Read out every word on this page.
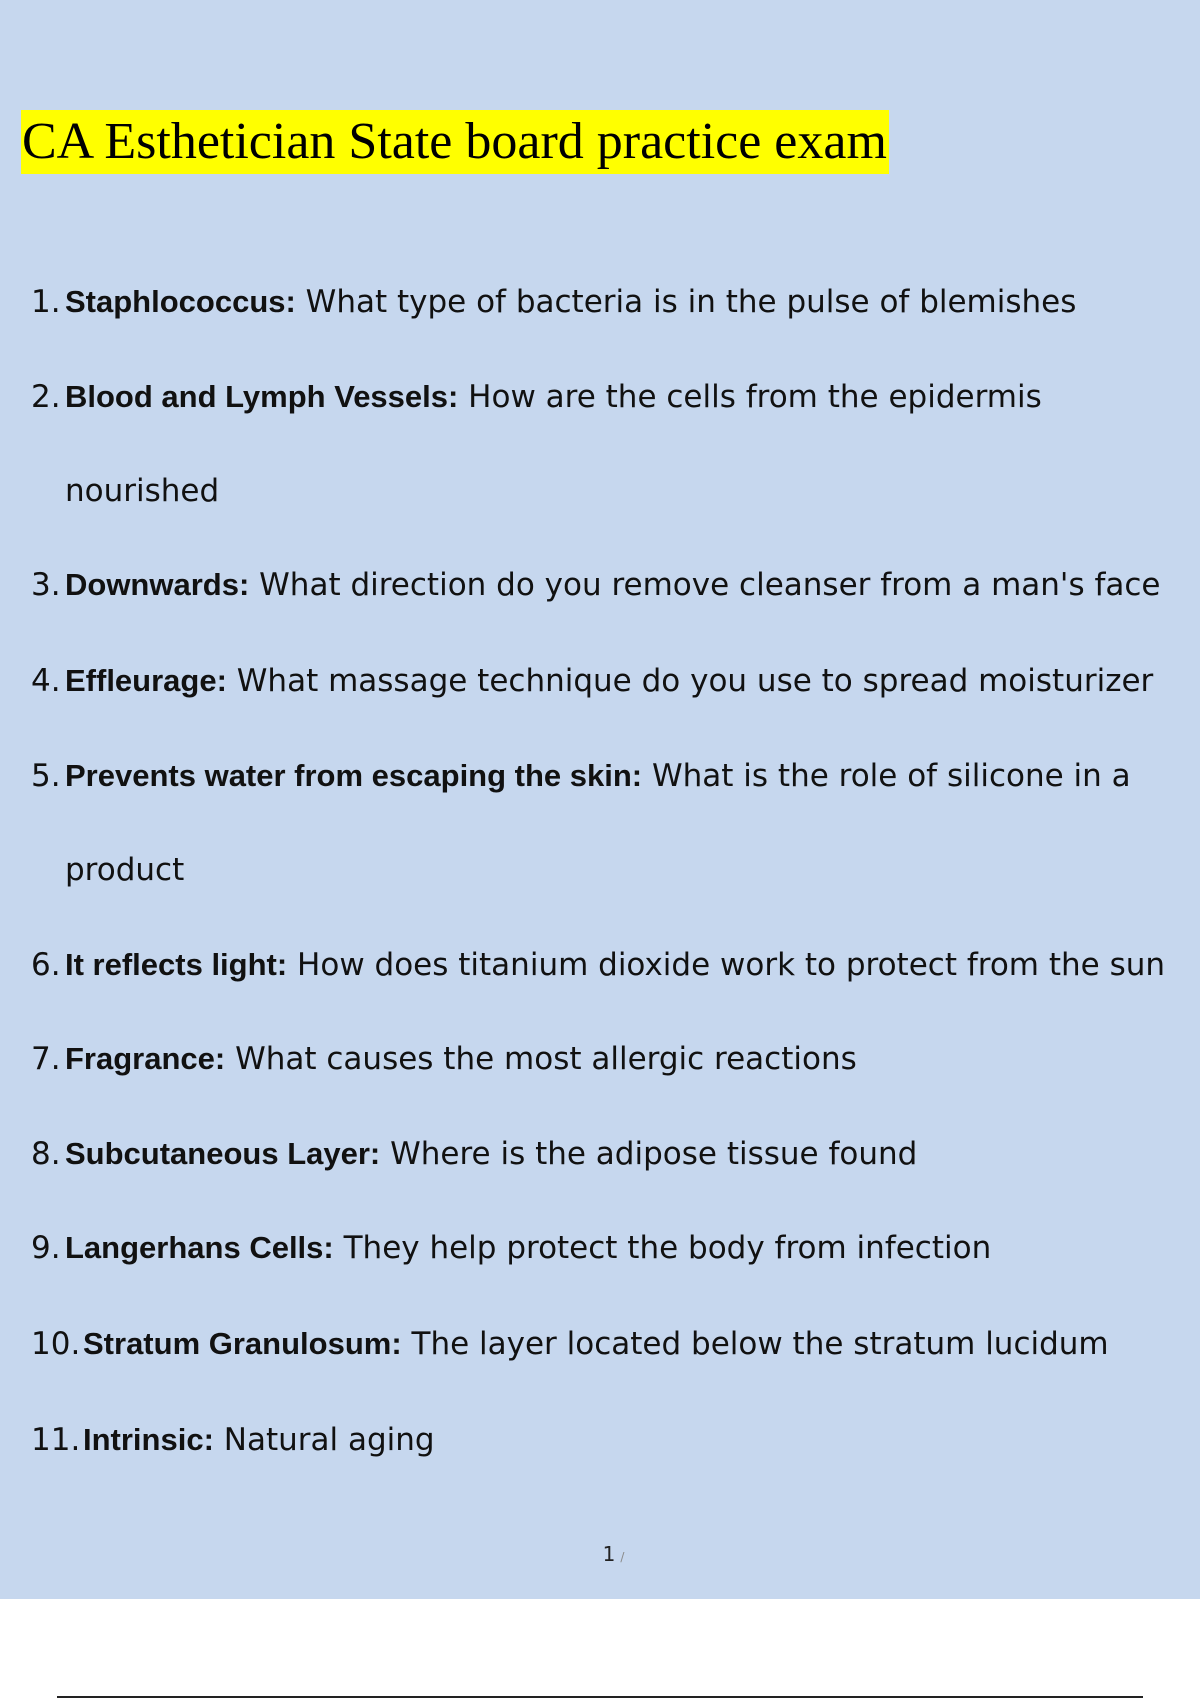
CA Esthetician State board practice exam
1. Staphlococcus: What type of bacteria is in the pulse of blemishes
2. Blood and Lymph Vessels: How are the cells from the epidermis
nourished
3. Downwards: What direction do you remove cleanser from a man's face
4. Effleurage: What massage technique do you use to spread moisturizer
5. Prevents water from escaping the skin: What is the role of silicone in a
product
6. It reflects light: How does titanium dioxide work to protect from the sun
7. Fragrance: What causes the most allergic reactions
8. Subcutaneous Layer: Where is the adipose tissue found
9. Langerhans Cells: They help protect the body from infection
10. Stratum Granulosum: The layer located below the stratum lucidum
11. Intrinsic: Natural aging
1 /
